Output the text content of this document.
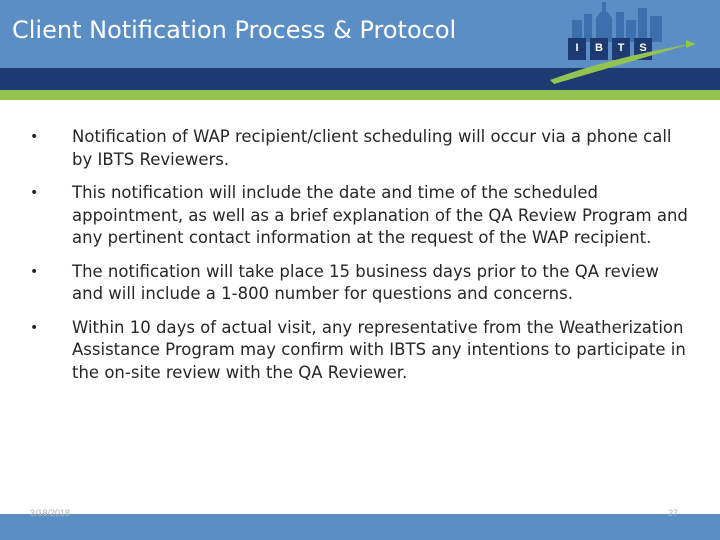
Client Notification Process & Protocol
I	B	T	S
• Notification of WAP recipient/client scheduling will occur via a phone call by IBTS Reviewers.
• This notification will include the date and time of the scheduled appointment, as well as a brief explanation of the QA Review Program and any pertinent contact information at the request of the WAP recipient.
• The notification will take place 15 business days prior to the QA review and will include a 1-800 number for questions and concerns.
• Within 10 days of actual visit, any representative from the Weatherization Assistance Program may confirm with IBTS any intentions to participate in the on-site review with the QA Reviewer.
3/18/2018	27
